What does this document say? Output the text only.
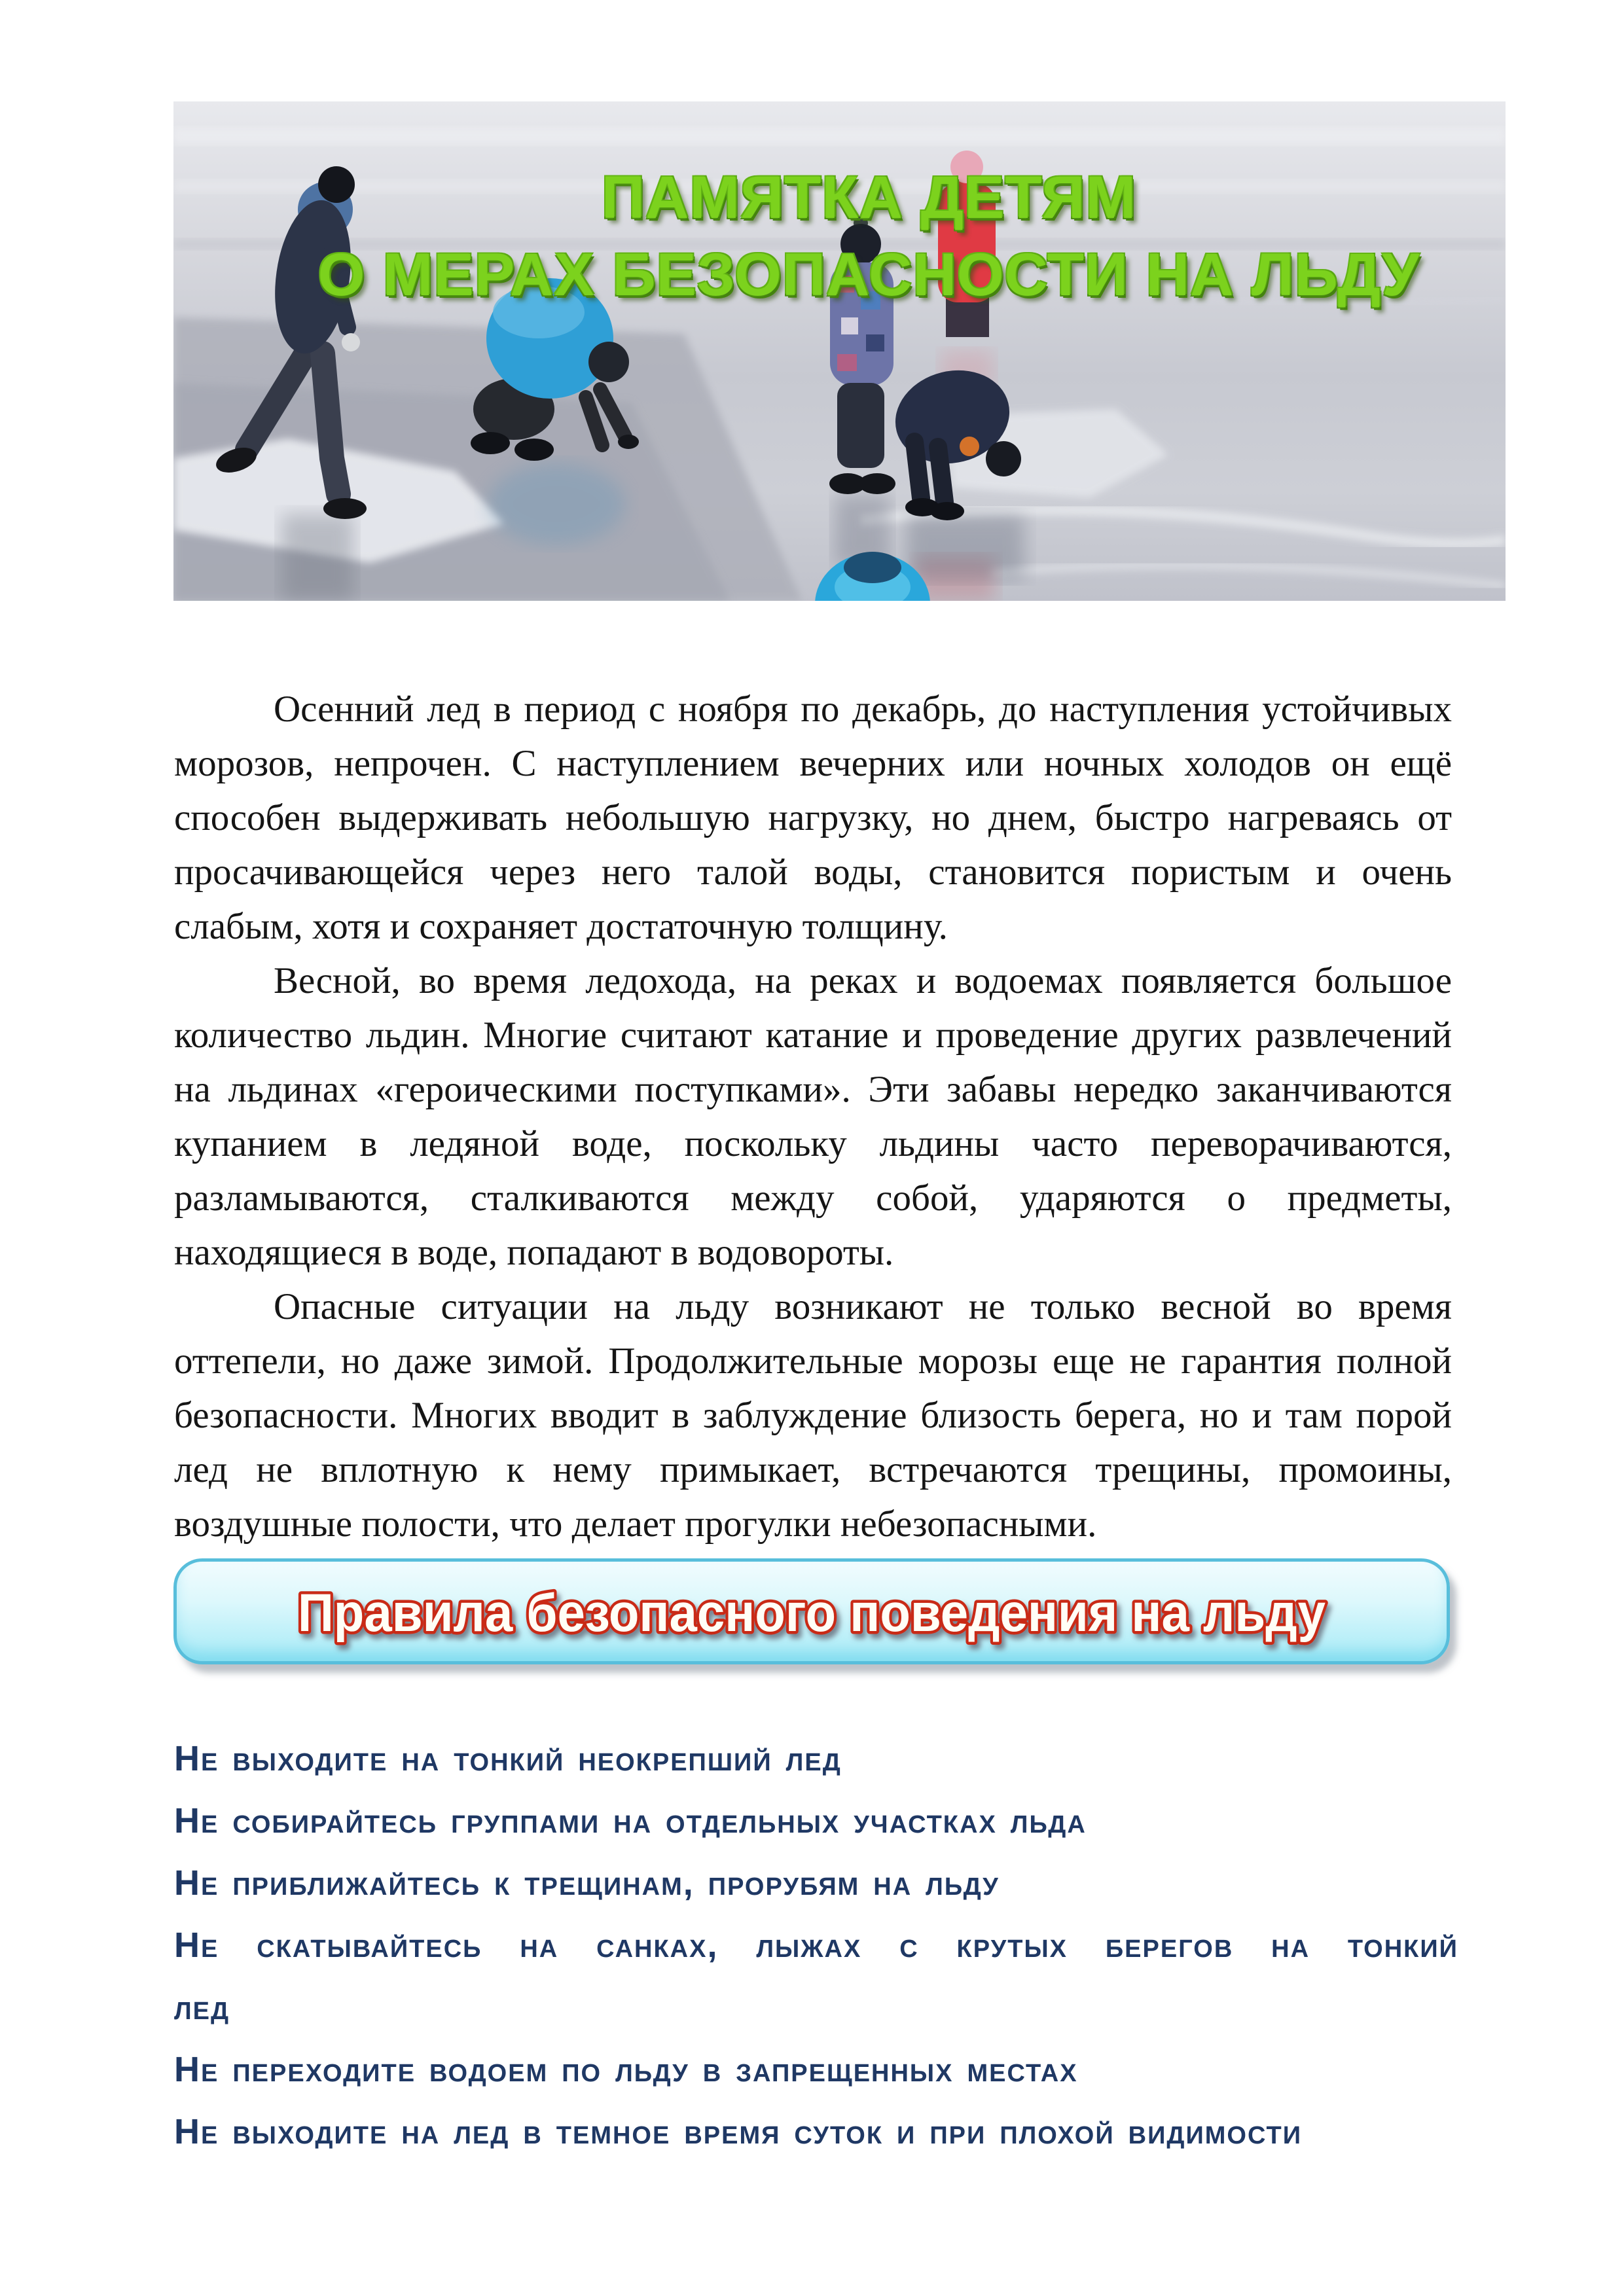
ПАМЯТКА ДЕТЯМ
О МЕРАХ БЕЗОПАСНОСТИ НА ЛЬДУ

Осенний лед в период с ноября по декабрь, до наступления устойчивых морозов, непрочен. С наступлением вечерних или ночных холодов он ещё способен выдерживать небольшую нагрузку, но днем, быстро нагреваясь от просачивающейся через него талой воды, становится пористым и очень слабым, хотя и сохраняет достаточную толщину.

Весной, во время ледохода, на реках и водоемах появляется большое количество льдин. Многие считают катание и проведение других развлечений на льдинах «героическими поступками». Эти забавы нередко заканчиваются купанием в ледяной воде, поскольку льдины часто переворачиваются, разламываются, сталкиваются между собой, ударяются о предметы, находящиеся в воде, попадают в водовороты.

Опасные ситуации на льду возникают не только весной во время оттепели, но даже зимой. Продолжительные морозы еще не гарантия полной безопасности. Многих вводит в заблуждение близость берега, но и там порой лед не вплотную к нему примыкает, встречаются трещины, промоины, воздушные полости, что делает прогулки небезопасными.

Правила безопасного поведения на льду
Не выходите на тонкий неокрепший лед
Не собирайтесь группами на отдельных участках льда
Не приближайтесь к трещинам, прорубям на льду
Не скатывайтесь на санках, лыжах с крутых берегов на тонкий
лед
Не переходите водоем по льду в запрещенных местах
Не выходите на лед в темное время суток и при плохой видимости
